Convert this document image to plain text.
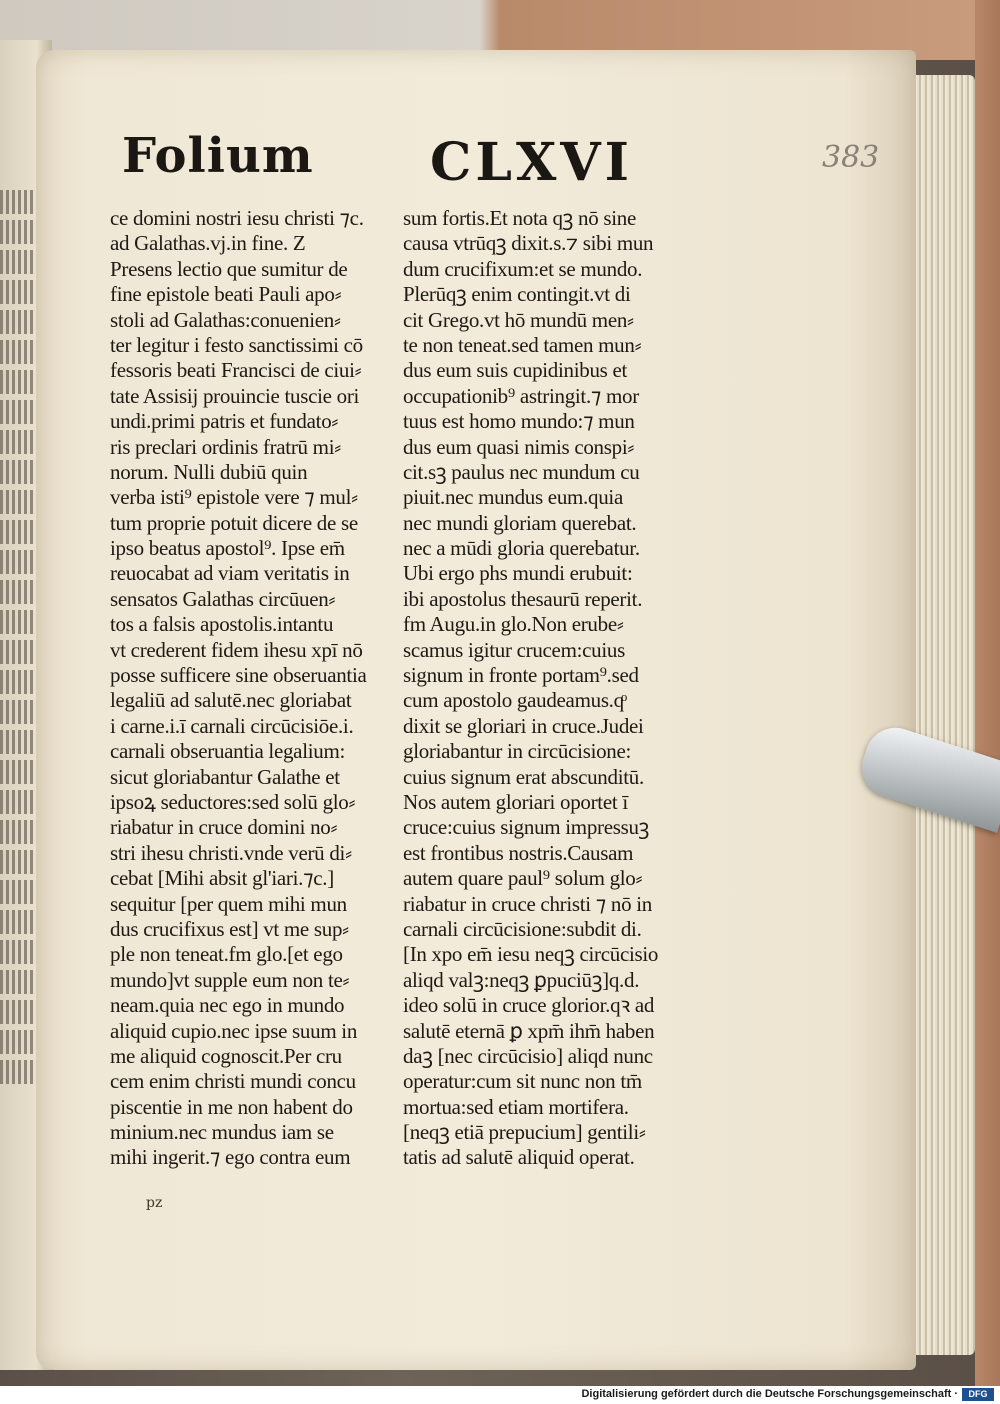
Folium CLXVI	383
ce domini nostri iesu christi ⁊c.
ad Galathas.vj.in fine. Z
Presens lectio que sumitur de
fine epistole beati Pauli apo⸗
stoli ad Galathas:conuenien⸗
ter legitur i festo sanctissimi cō
fessoris beati Francisci de ciui⸗
tate Assisij prouincie tuscie ori
undi.primi patris et fundato⸗
ris preclari ordinis fratrū mi⸗
norum. Nulli dubiū quin
verba isti⁹ epistole vere ⁊ mul⸗
tum proprie potuit dicere de se
ipso beatus apostol⁹. Ipse em̄
reuocabat ad viam veritatis in
sensatos Galathas circūuen⸗
tos a falsis apostolis.intantu
vt crederent fidem ihesu xpī nō
posse sufficere sine obseruantia
legaliū ad salutē.nec gloriabat
i carne.i.ī carnali circūcisiōe.i.
carnali obseruantia legalium:
sicut gloriabantur Galathe et
ipsoꝝ seductores:sed solū glo⸗
riabatur in cruce domini no⸗
stri ihesu christi.vnde verū di⸗
cebat [Mihi absit gl'iari.⁊c.]
sequitur [per quem mihi mun
dus crucifixus est] vt me sup⸗
ple non teneat.fm glo.[et ego
mundo]vt supple eum non te⸗
neam.quia nec ego in mundo
aliquid cupio.nec ipse suum in
me aliquid cognoscit.Per cru
cem enim christi mundi concu
piscentie in me non habent do
minium.nec mundus iam se
mihi ingerit.⁊ ego contra eum
sum fortis.Et nota qꝫ nō sine
causa vtrūqꝫ dixit.s.⁊ sibi mun
dum crucifixum:et se mundo.
Plerūqꝫ enim contingit.vt di
cit Grego.vt hō mundū men⸗
te non teneat.sed tamen mun⸗
dus eum suis cupidinibus et
occupationib⁹ astringit.⁊ mor
tuus est homo mundo:⁊ mun
dus eum quasi nimis conspi⸗
cit.sꝫ paulus nec mundum cu
piuit.nec mundus eum.quia
nec mundi gloriam querebat.
nec a mūdi gloria querebatur.
Ubi ergo phs mundi erubuit:
ibi apostolus thesaurū reperit.
fm Augu.in glo.Non erube⸗
scamus igitur crucem:cuius
signum in fronte portam⁹.sed
cum apostolo gaudeamus.qͦ
dixit se gloriari in cruce.Judei
gloriabantur in circūcisione:
cuius signum erat abscunditū.
Nos autem gloriari oportet ī
cruce:cuius signum impressuꝫ
est frontibus nostris.Causam
autem quare paul⁹ solum glo⸗
riabatur in cruce christi ⁊ nō in
carnali circūcisione:subdit di.
[In xpo em̄ iesu neqꝫ circūcisio
aliqd valꝫ:neqꝫ ꝑpuciūꝫ]q.d.
ideo solū in cruce glorior.qꝛ ad
salutē eternā ꝑ xpm̄ ihm̄ haben
daꝫ [nec circūcisio] aliqd nunc
operatur:cum sit nunc non tm̄
mortua:sed etiam mortifera.
[neqꝫ etiā prepucium] gentili⸗
tatis ad salutē aliquid operat.
pz
Digitalisierung gefördert durch die Deutsche Forschungsgemeinschaft ·	DFG
